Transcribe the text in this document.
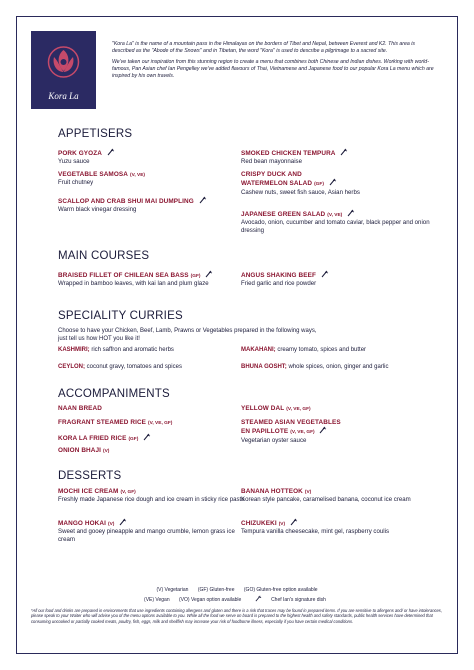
Kora La

"Kora La" is the name of a mountain pass in the Himalayas on the borders of Tibet and Nepal, between Everest and K2. This area is described as the "Abode of the Snows" and in Tibetan, the word "Kora" is used to describe a pilgrimage to a sacred site.

We've taken our inspiration from this stunning region to create a menu that combines both Chinese and Indian dishes. Working with world-famous, Pan Asian chef Ian Pengelley we've added flavours of Thai, Vietnamese and Japanese food to our popular Kora La menu which are inspired by his own travels.

APPETISERS
PORK GYOZA
Yuzu sauce
VEGETABLE SAMOSA (V, VE)
Fruit chutney
SCALLOP AND CRAB SHUI MAI DUMPLING
Warm black vinegar dressing
SMOKED CHICKEN TEMPURA
Red bean mayonnaise
CRISPY DUCK AND
WATERMELON SALAD (GF)
Cashew nuts, sweet fish sauce, Asian herbs
JAPANESE GREEN SALAD (V, VE)
Avocado, onion, cucumber and tomato caviar, black pepper and onion dressing
MAIN COURSES
BRAISED FILLET OF CHILEAN SEA BASS (GF)
Wrapped in bamboo leaves, with kai lan and plum glaze
ANGUS SHAKING BEEF
Fried garlic and rice powder
SPECIALITY CURRIES
Choose to have your Chicken, Beef, Lamb, Prawns or Vegetables prepared in the following ways,
just tell us how HOT you like it!
KASHMIRI; rich saffron and aromatic herbs
CEYLON; coconut gravy, tomatoes and spices
MAKAHANI; creamy tomato, spices and butter
BHUNA GOSHT; whole spices, onion, ginger and garlic
ACCOMPANIMENTS
NAAN BREAD
FRAGRANT STEAMED RICE (V, VE, GF)
KORA LA FRIED RICE (GF)
ONION BHAJI (V)
YELLOW DAL (V, VE, GF)
STEAMED ASIAN VEGETABLES
EN PAPILLOTE (V, VE, GF)
Vegetarian oyster sauce
DESSERTS
MOCHI ICE CREAM (V, GF)
Freshly made Japanese rice dough and ice cream in sticky rice paste
MANGO HOKAI (V)
Sweet and gooey pineapple and mango crumble, lemon grass ice cream
BANANA HOTTEOK (V)
Korean style pancake, caramelised banana, coconut ice cream
CHIZUKEKI (V)
Tempura vanilla cheesecake, mint gel, raspberry coulis
(V) Vegetarian (GF) Gluten-free (GO) Gluten-free option available
(VE) Vegan (VO) Vegan option available	Chef Ian's signature dish
*All our food and drinks are prepared in environments that use ingredients containing allergens and gluten and there is a risk that traces may be found in prepared items. If you are sensitive to allergens and/ or have intolerances, please speak to your Waiter who will advise you of the menu options available to you. While all the food we serve on board is prepared to the highest health and safety standards, public health services have determined that consuming uncooked or partially cooked meats, poultry, fish, eggs, milk and shellfish may increase your risk of foodborne illness, especially if you have certain medical conditions.
